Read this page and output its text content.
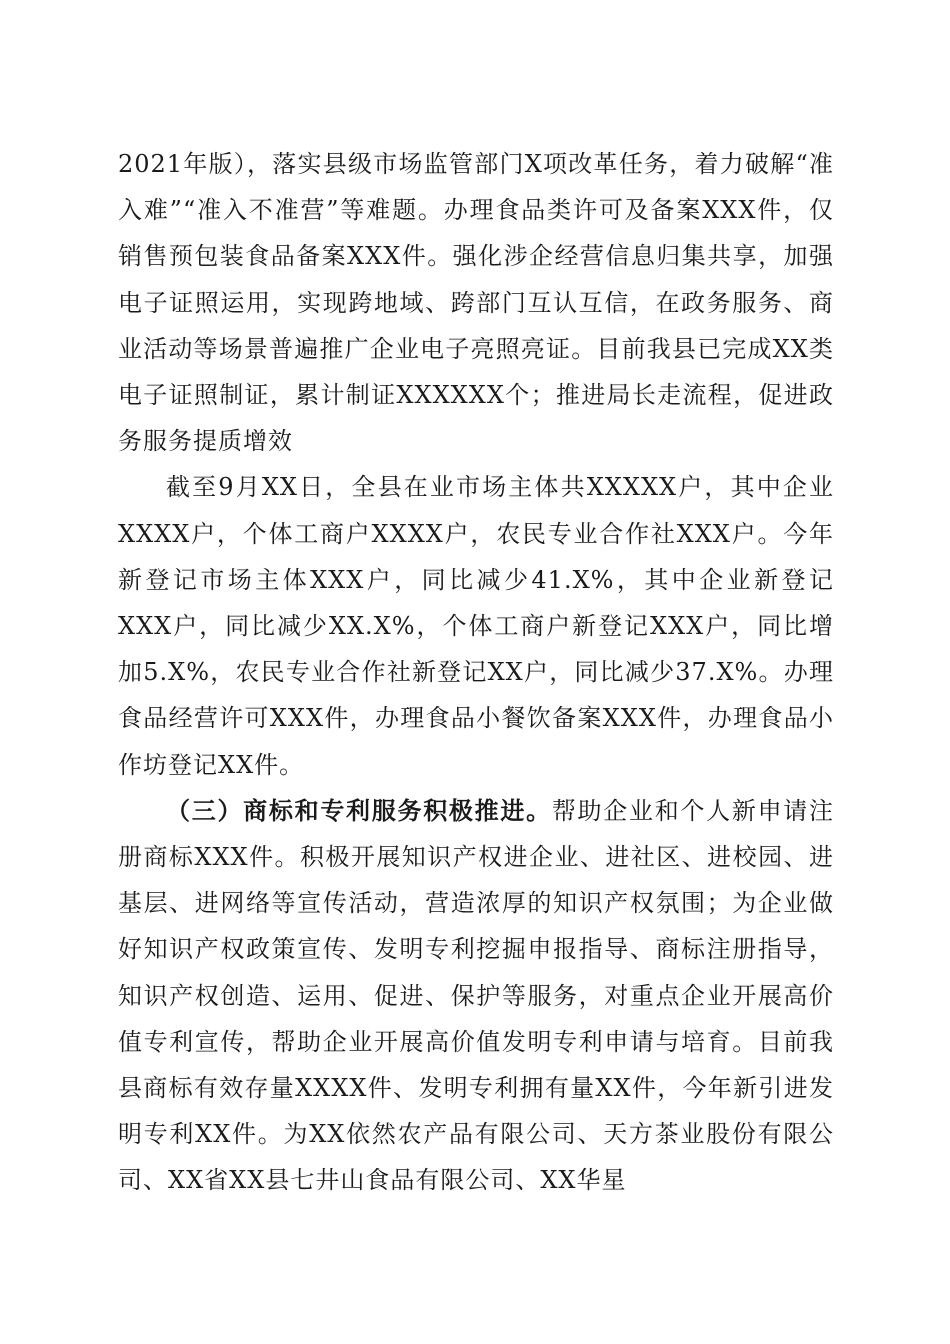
2021年版），落实县级市场监管部门X项改革任务，着力破解“准入难”“准入不准营”等难题。办理食品类许可及备案XXX件，仅销售预包装食品备案XXX件。强化涉企经营信息归集共享，加强电子证照运用，实现跨地域、跨部门互认互信，在政务服务、商业活动等场景普遍推广企业电子亮照亮证。目前我县已完成XX类电子证照制证，累计制证XXXXXX个；推进局长走流程，促进政务服务提质增效

截至9月XX日，全县在业市场主体共XXXXX户，其中企业XXXX户，个体工商户XXXX户，农民专业合作社XXX户。今年新登记市场主体XXX户，同比减少41.X%，其中企业新登记XXX户，同比减少XX.X%，个体工商户新登记XXX户，同比增加5.X%，农民专业合作社新登记XX户，同比减少37.X%。办理食品经营许可XXX件，办理食品小餐饮备案XXX件，办理食品小作坊登记XX件。

（三）商标和专利服务积极推进。帮助企业和个人新申请注册商标XXX件。积极开展知识产权进企业、进社区、进校园、进基层、进网络等宣传活动，营造浓厚的知识产权氛围；为企业做好知识产权政策宣传、发明专利挖掘申报指导、商标注册指导，知识产权创造、运用、促进、保护等服务，对重点企业开展高价值专利宣传，帮助企业开展高价值发明专利申请与培育。目前我县商标有效存量XXXX件、发明专利拥有量XX件，今年新引进发明专利XX件。为XX依然农产品有限公司、天方茶业股份有限公司、XX省XX县七井山食品有限公司、XX华星
